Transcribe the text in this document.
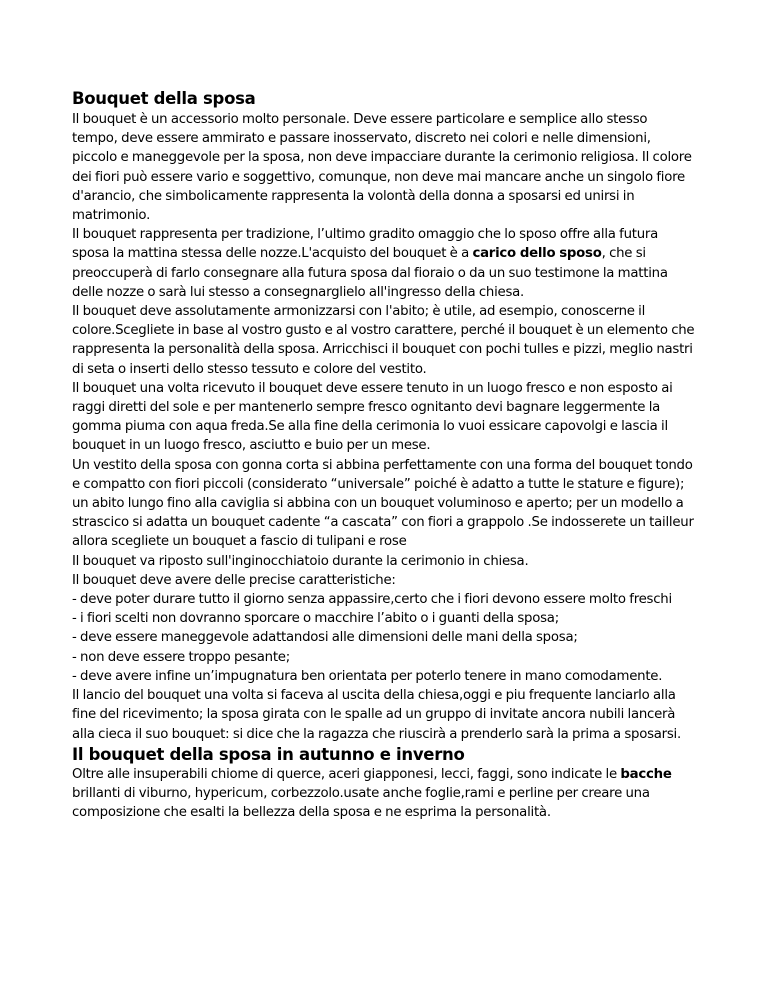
Bouquet della sposa

Il bouquet è un accessorio molto personale. Deve essere particolare e semplice allo stesso tempo, deve essere ammirato e passare inosservato, discreto nei colori e nelle dimensioni, piccolo e maneggevole per la sposa, non deve impacciare durante la cerimonio religiosa. Il colore dei fiori può essere vario e soggettivo, comunque, non deve mai mancare anche un singolo fiore d'arancio, che simbolicamente rappresenta la volontà della donna a sposarsi ed unirsi in matrimonio.

Il bouquet rappresenta per tradizione, l’ultimo gradito omaggio che lo sposo offre alla futura sposa la mattina stessa delle nozze.L'acquisto del bouquet è a carico dello sposo, che si preoccuperà di farlo consegnare alla futura sposa dal fioraio o da un suo testimone la mattina delle nozze o sarà lui stesso a consegnarglielo all'ingresso della chiesa.

Il bouquet deve assolutamente armonizzarsi con l'abito; è utile, ad esempio, conoscerne il colore.Scegliete in base al vostro gusto e al vostro carattere, perché il bouquet è un elemento che rappresenta la personalità della sposa. Arricchisci il bouquet con pochi tulles e pizzi, meglio nastri di seta o inserti dello stesso tessuto e colore del vestito.

Il bouquet una volta ricevuto il bouquet deve essere tenuto in un luogo fresco e non esposto ai raggi diretti del sole e per mantenerlo sempre fresco ognitanto devi bagnare leggermente la gomma piuma con aqua freda.Se alla fine della cerimonia lo vuoi essicare capovolgi e lascia il bouquet in un luogo fresco, asciutto e buio per un mese.

Un vestito della sposa con gonna corta si abbina perfettamente con una forma del bouquet tondo e compatto con fiori piccoli (considerato “universale” poiché è adatto a tutte le stature e figure); un abito lungo fino alla caviglia si abbina con un bouquet voluminoso e aperto; per un modello a strascico si adatta un bouquet cadente “a cascata” con fiori a grappolo .Se indosserete un tailleur allora scegliete un bouquet a fascio di tulipani e rose

Il bouquet va riposto sull'inginocchiatoio durante la cerimonio in chiesa.

Il bouquet deve avere delle precise caratteristiche:

- deve poter durare tutto il giorno senza appassire,certo che i fiori devono essere molto freschi

- i fiori scelti non dovranno sporcare o macchire l’abito o i guanti della sposa;

- deve essere maneggevole adattandosi alle dimensioni delle mani della sposa;

- non deve essere troppo pesante;

- deve avere infine un’impugnatura ben orientata per poterlo tenere in mano comodamente.

Il lancio del bouquet una volta si faceva al uscita della chiesa,oggi e piu frequente lanciarlo alla fine del ricevimento; la sposa girata con le spalle ad un gruppo di invitate ancora nubili lancerà alla cieca il suo bouquet: si dice che la ragazza che riuscirà a prenderlo sarà la prima a sposarsi.

Il bouquet della sposa in autunno e inverno

Oltre alle insuperabili chiome di querce, aceri giapponesi, lecci, faggi, sono indicate le bacche brillanti di viburno, hypericum, corbezzolo.usate anche foglie,rami e perline per creare una composizione che esalti la bellezza della sposa e ne esprima la personalità.
